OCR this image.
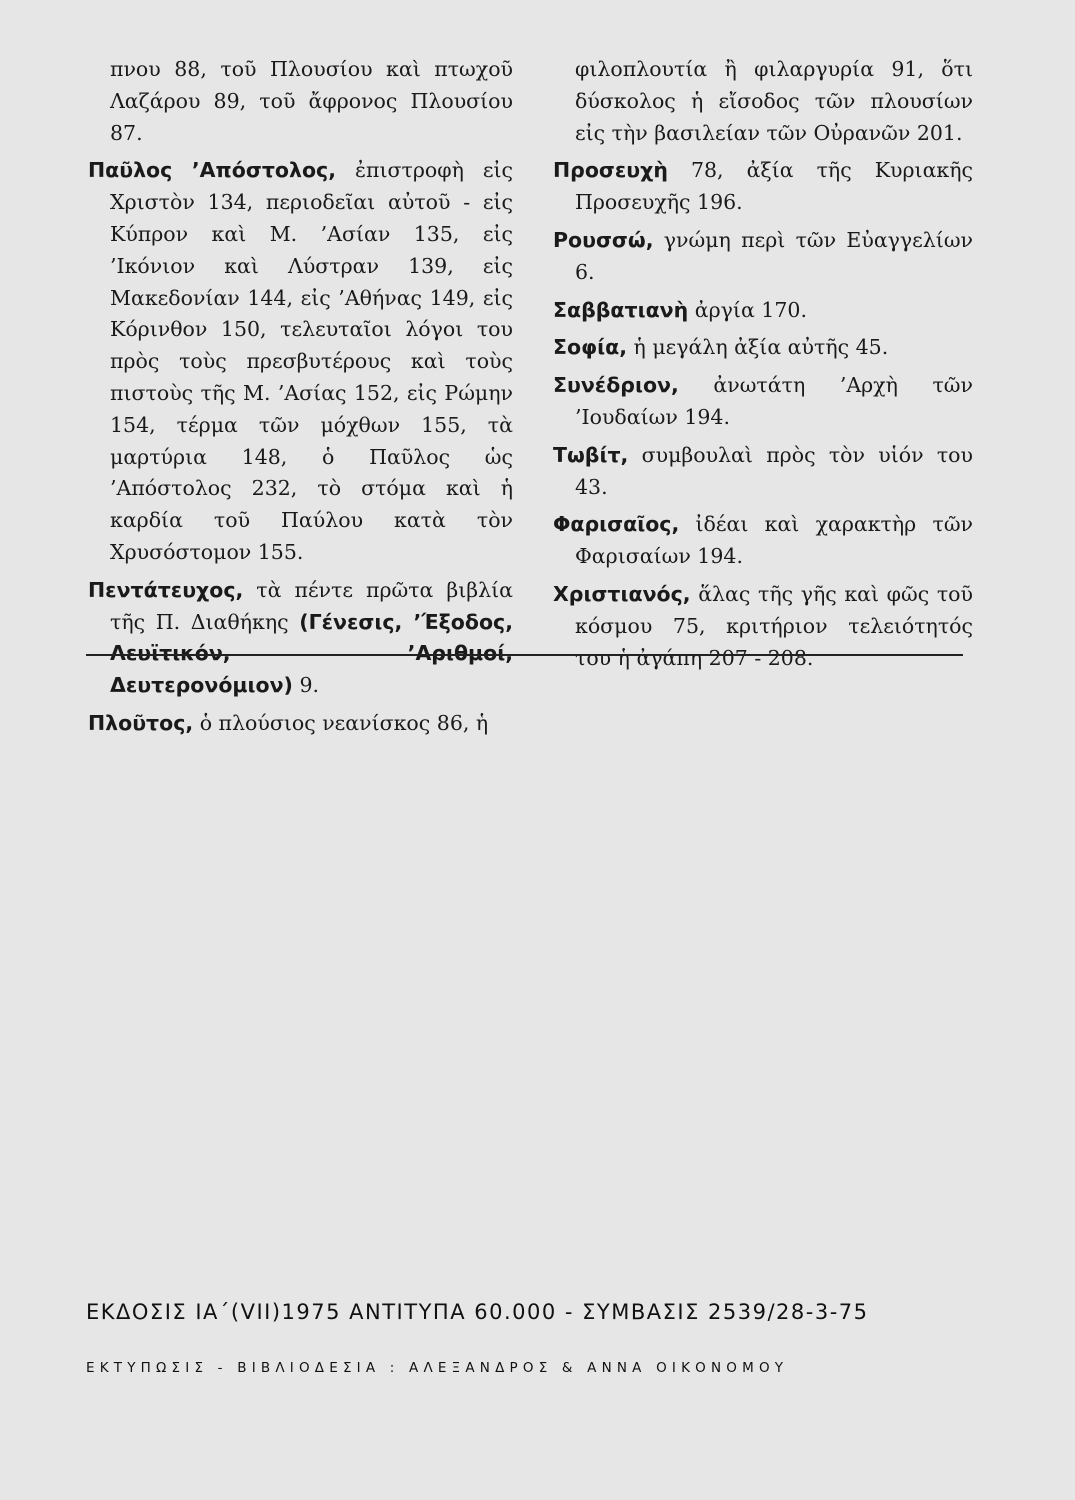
πνου 88, τοῦ Πλουσίου καὶ πτωχοῦ Λαζάρου 89, τοῦ ἄφρονος Πλουσίου 87.

Παῦλος ’Απόστολος, ἐπιστροφὴ εἰς Χριστὸν 134, περιοδεῖαι αὐτοῦ - εἰς Κύπρον καὶ Μ. ’Ασίαν 135, εἰς ’Ικόνιον καὶ Λύστραν 139, εἰς Μακεδονίαν 144, εἰς ’Αθήνας 149, εἰς Κόρινθον 150, τελευταῖοι λόγοι του πρὸς τοὺς πρεσβυτέρους καὶ τοὺς πιστοὺς τῆς Μ. ’Ασίας 152, εἰς Ρώμην 154, τέρμα τῶν μόχθων 155, τὰ μαρτύρια 148, ὁ Παῦλος ὡς ’Απόστολος 232, τὸ στόμα καὶ ἡ καρδία τοῦ Παύλου κατὰ τὸν Χρυσόστομον 155.

Πεντάτευχος, τὰ πέντε πρῶτα βιβλία τῆς Π. Διαθήκης (Γένεσις, ’Έξοδος, Λευϊτικόν, ’Αριθμοί, Δευτερονόμιον) 9.

Πλοῦτος, ὁ πλούσιος νεανίσκος 86, ἡ

φιλοπλουτία ἢ φιλαργυρία 91, ὅτι δύσκολος ἡ εἴσοδος τῶν πλουσίων εἰς τὴν βασιλείαν τῶν Οὐρανῶν 201.

Προσευχὴ 78, ἀξία τῆς Κυριακῆς Προσευχῆς 196.

Ρουσσώ, γνώμη περὶ τῶν Εὐαγγελίων 6.

Σαββατιανὴ ἀργία 170.

Σοφία, ἡ μεγάλη ἀξία αὐτῆς 45.

Συνέδριον, ἀνωτάτη ’Αρχὴ τῶν ’Ιουδαίων 194.

Τωβίτ, συμβουλαὶ πρὸς τὸν υἱόν του 43.

Φαρισαῖος, ἰδέαι καὶ χαρακτὴρ τῶν Φαρισαίων 194.

Χριστιανός, ἅλας τῆς γῆς καὶ φῶς τοῦ κόσμου 75, κριτήριον τελειότητός του ἡ ἀγάπη 207 - 208.

ΕΚΔΟΣΙΣ ΙΑ΄(VII)1975 ΑΝΤΙΤΥΠΑ 60.000 - ΣΥΜΒΑΣΙΣ 2539/28-3-75
ΕΚΤΥΠΩΣΙΣ - ΒΙΒΛΙΟΔΕΣΙΑ : ΑΛΕΞΑΝΔΡΟΣ & ΑΝΝΑ ΟΙΚΟΝΟΜΟΥ
